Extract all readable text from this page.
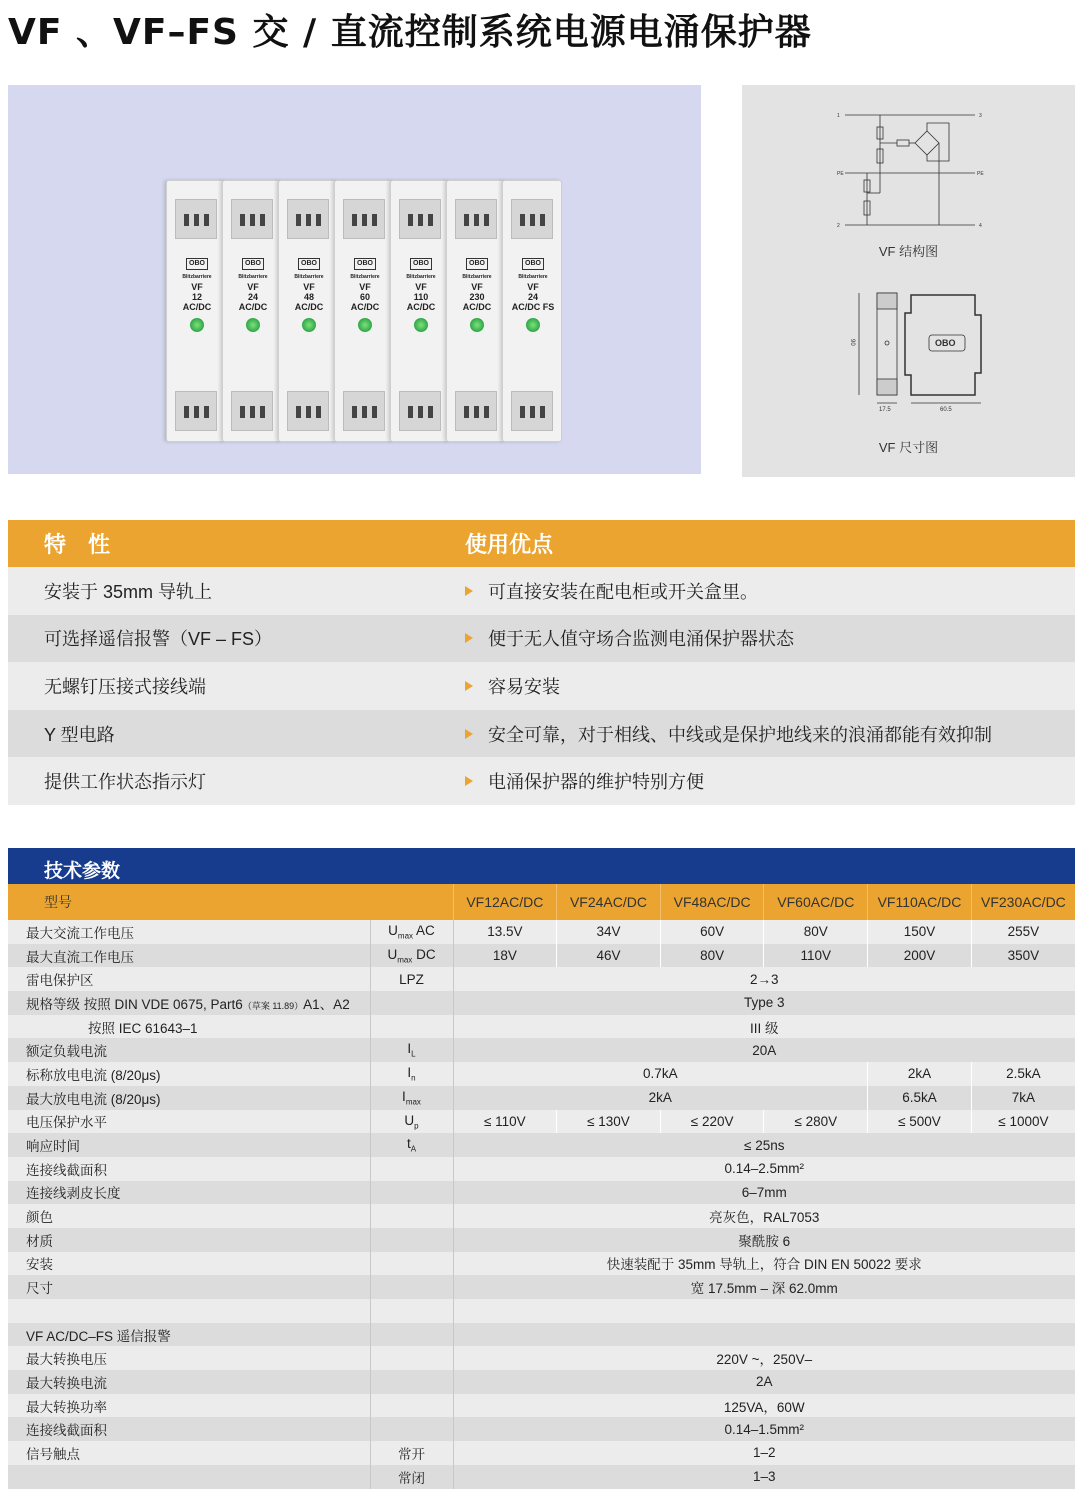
VF 、VF–FS 交 / 直流控制系统电源电涌保护器
OBO
Blitzbarriere
VF
12
AC/DC
OBO
Blitzbarriere
VF
24
AC/DC
OBO
Blitzbarriere
VF
48
AC/DC
OBO
Blitzbarriere
VF
60
AC/DC
OBO
Blitzbarriere
VF
110
AC/DC
OBO
Blitzbarriere
VF
230
AC/DC
OBO
Blitzbarriere
VF
24
AC/DC FS
1	3
PE	PE
2	4
VF 结构图
90
17.5	60.5
OBO
VF 尺寸图
特　性	使用优点
安装于 35mm 导轨上	可直接安装在配电柜或开关盒里。
可选择遥信报警（VF – FS）	便于无人值守场合监测电涌保护器状态
无螺钉压接式接线端	容易安装
Y 型电路	安全可靠，对于相线、中线或是保护地线来的浪涌都能有效抑制
提供工作状态指示灯	电涌保护器的维护特别方便
技术参数
型号		VF12AC/DC	VF24AC/DC	VF48AC/DC	VF60AC/DC	VF110AC/DC	VF230AC/DC
最大交流工作电压	$U_{max}$ AC	13.5V	34V	60V	80V	150V	255V
最大直流工作电压	$U_{max}$ DC	18V	46V	80V	110V	200V	350V
雷电保护区	LPZ	2→3					
规格等级 按照 DIN VDE 0675, Part6（草案 11.89）A1、A2		Type 3					
按照 IEC 61643–1		III 级					
额定负载电流	$I_L$	20A					
标称放电电流 (8/20μs)	$I_n$	0.7kA				2kA	2.5kA
最大放电电流 (8/20μs)	$I_{max}$	2kA				6.5kA	7kA
电压保护水平	$U_p$	≤ 110V	≤ 130V	≤ 220V	≤ 280V	≤ 500V	≤ 1000V
响应时间	$t_A$	≤ 25ns					
连接线截面积		0.14–2.5mm²					
连接线剥皮长度		6–7mm					
颜色		亮灰色，RAL7053					
材质		聚酰胺 6					
安装		快速装配于 35mm 导轨上，符合 DIN EN 50022 要求					
尺寸		宽 17.5mm – 深 62.0mm					

VF AC/DC–FS 遥信报警							
最大转换电压		220V ~，250V–					
最大转换电流		2A					
最大转换功率		125VA，60W					
连接线截面积		0.14–1.5mm²					
信号触点	常开	1–2					
	常闭	1–3					
